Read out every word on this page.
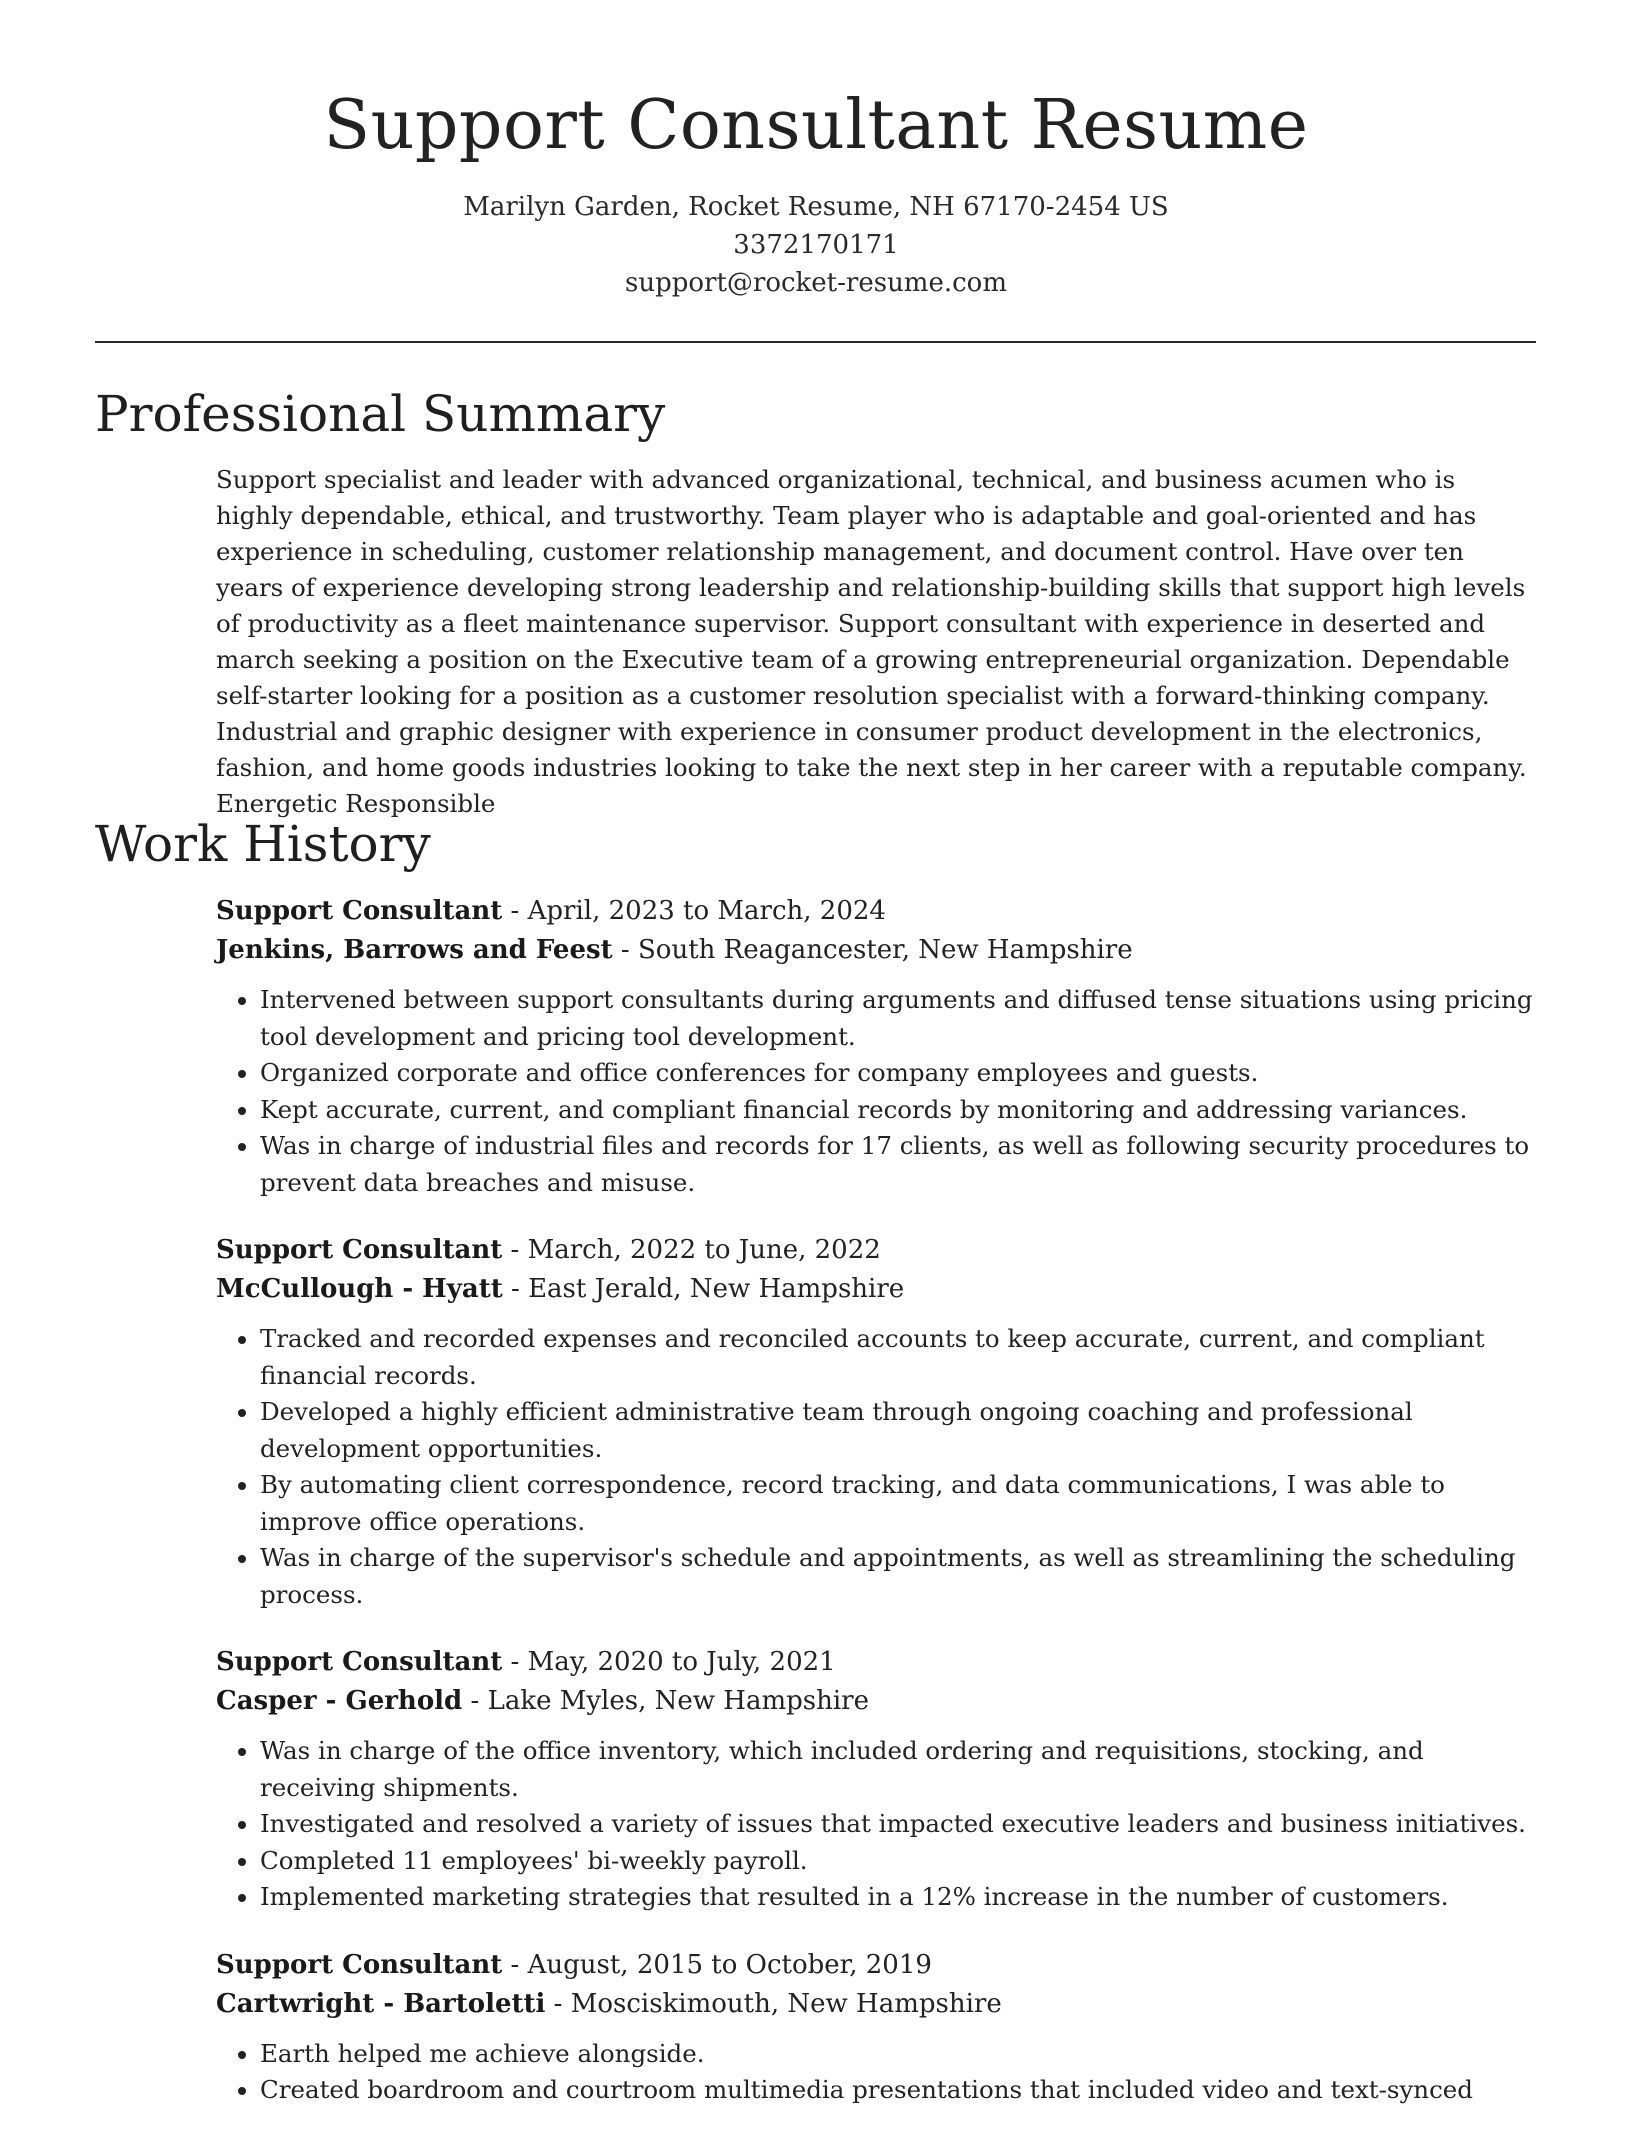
Support Consultant Resume
Marilyn Garden, Rocket Resume, NH 67170-2454 US
3372170171
support@rocket-resume.com
Professional Summary

Support specialist and leader with advanced organizational, technical, and business acumen who is highly dependable, ethical, and trustworthy. Team player who is adaptable and goal-oriented and has experience in scheduling, customer relationship management, and document control. Have over ten years of experience developing strong leadership and relationship-building skills that support high levels of productivity as a fleet maintenance supervisor. Support consultant with experience in deserted and march seeking a position on the Executive team of a growing entrepreneurial organization. Dependable self-starter looking for a position as a customer resolution specialist with a forward-thinking company. Industrial and graphic designer with experience in consumer product development in the electronics, fashion, and home goods industries looking to take the next step in her career with a reputable company. Energetic Responsible

Work History
Support Consultant - April, 2023 to March, 2024
Jenkins, Barrows and Feest - South Reagancester, New Hampshire
• Intervened between support consultants during arguments and diffused tense situations using pricing tool development and pricing tool development.
• Organized corporate and office conferences for company employees and guests.
• Kept accurate, current, and compliant financial records by monitoring and addressing variances.
• Was in charge of industrial files and records for 17 clients, as well as following security procedures to prevent data breaches and misuse.
Support Consultant - March, 2022 to June, 2022
McCullough - Hyatt - East Jerald, New Hampshire
• Tracked and recorded expenses and reconciled accounts to keep accurate, current, and compliant financial records.
• Developed a highly efficient administrative team through ongoing coaching and professional development opportunities.
• By automating client correspondence, record tracking, and data communications, I was able to improve office operations.
• Was in charge of the supervisor's schedule and appointments, as well as streamlining the scheduling process.
Support Consultant - May, 2020 to July, 2021
Casper - Gerhold - Lake Myles, New Hampshire
• Was in charge of the office inventory, which included ordering and requisitions, stocking, and receiving shipments.
• Investigated and resolved a variety of issues that impacted executive leaders and business initiatives.
• Completed 11 employees' bi-weekly payroll.
• Implemented marketing strategies that resulted in a 12% increase in the number of customers.
Support Consultant - August, 2015 to October, 2019
Cartwright - Bartoletti - Mosciskimouth, New Hampshire
• Earth helped me achieve alongside.
• Created boardroom and courtroom multimedia presentations that included video and text-synced
